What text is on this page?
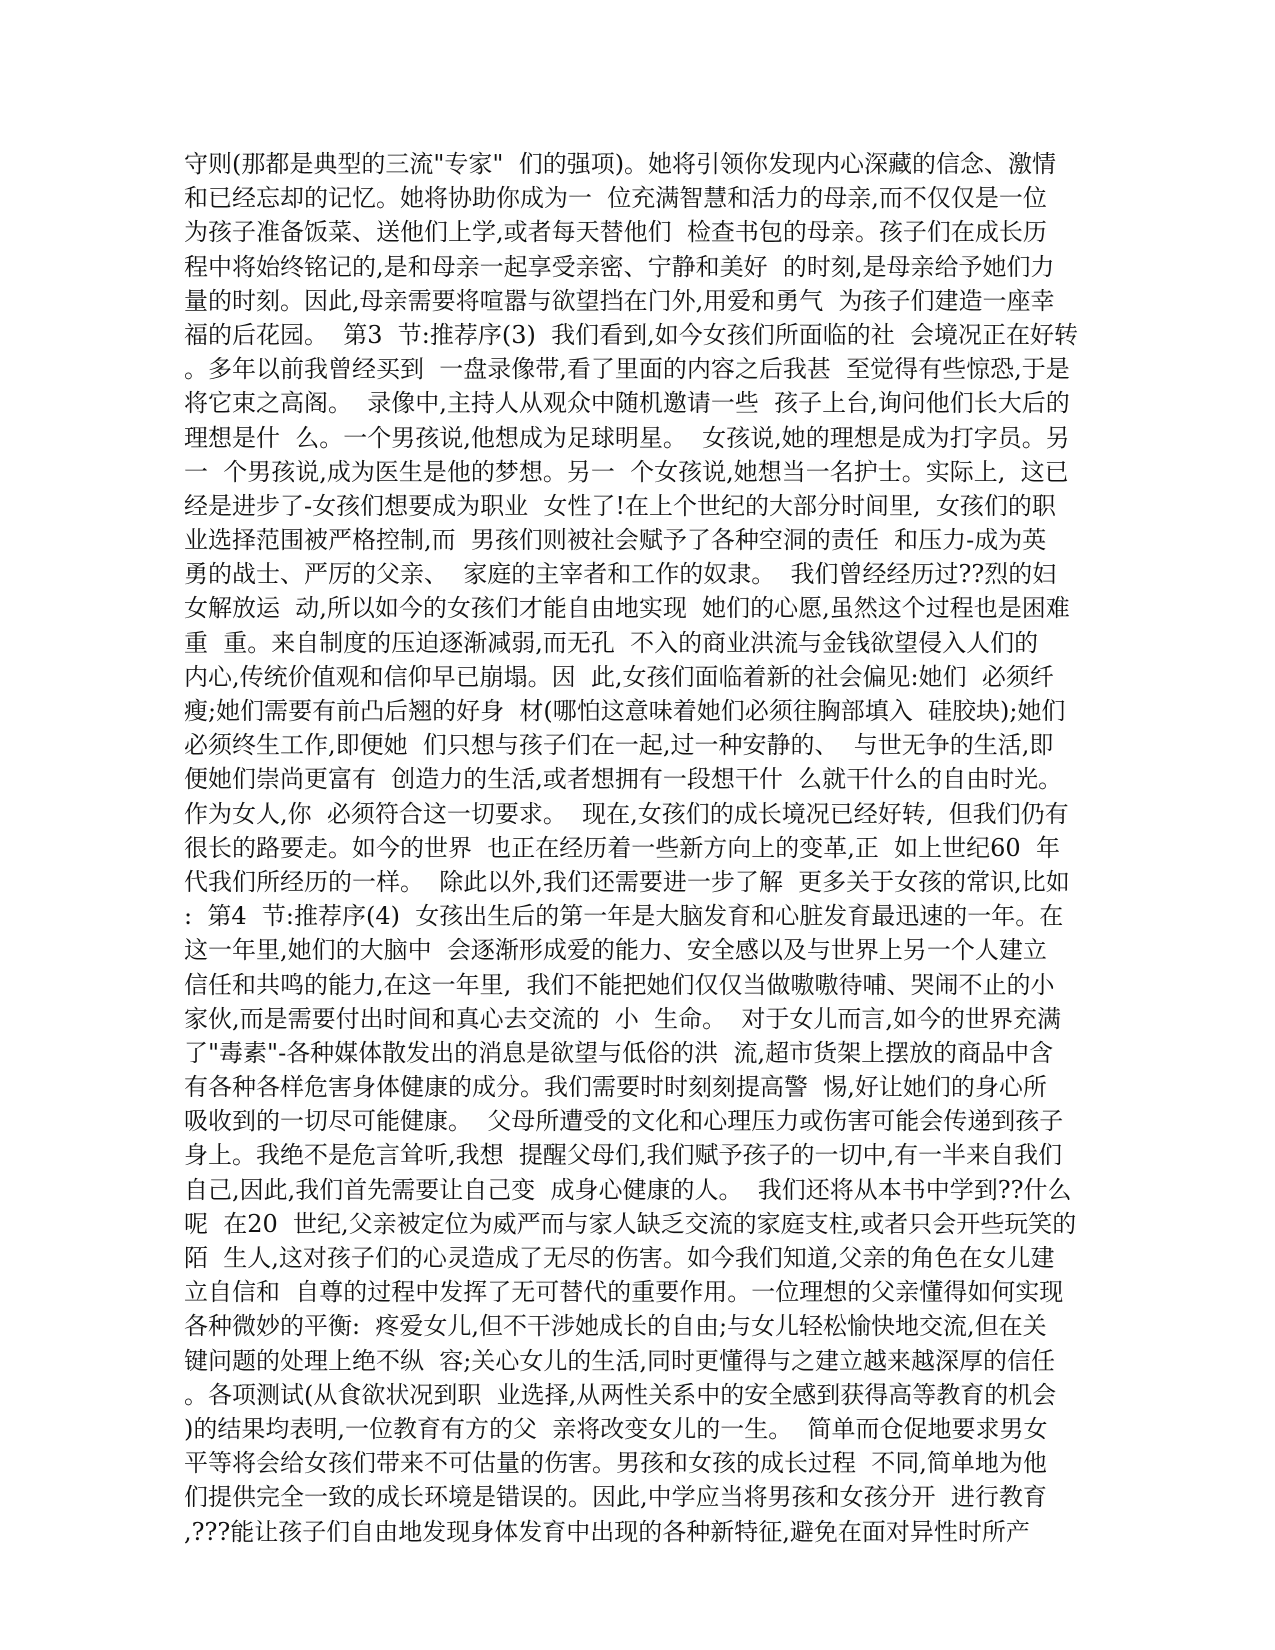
守则(那都是典型的三流"专家"  们的强项)。她将引领你发现内心深藏的信念、激情
和已经忘却的记忆。她将协助你成为一  位充满智慧和活力的母亲,而不仅仅是一位
为孩子准备饭菜、送他们上学,或者每天替他们  检查书包的母亲。孩子们在成长历
程中将始终铭记的,是和母亲一起享受亲密、宁静和美好  的时刻,是母亲给予她们力
量的时刻。因此,母亲需要将喧嚣与欲望挡在门外,用爱和勇气  为孩子们建造一座幸
福的后花园。  第3  节:推荐序(3)  我们看到,如今女孩们所面临的社  会境况正在好转
。多年以前我曾经买到  一盘录像带,看了里面的内容之后我甚  至觉得有些惊恐,于是
将它束之高阁。  录像中,主持人从观众中随机邀请一些  孩子上台,询问他们长大后的
理想是什  么。一个男孩说,他想成为足球明星。  女孩说,她的理想是成为打字员。另
一  个男孩说,成为医生是他的梦想。另一  个女孩说,她想当一名护士。实际上,  这已
经是进步了-女孩们想要成为职业  女性了!在上个世纪的大部分时间里,  女孩们的职
业选择范围被严格控制,而  男孩们则被社会赋予了各种空洞的责任  和压力-成为英
勇的战士、严厉的父亲、  家庭的主宰者和工作的奴隶。  我们曾经经历过??烈的妇
女解放运  动,所以如今的女孩们才能自由地实现  她们的心愿,虽然这个过程也是困难
重  重。来自制度的压迫逐渐减弱,而无孔  不入的商业洪流与金钱欲望侵入人们的
内心,传统价值观和信仰早已崩塌。因  此,女孩们面临着新的社会偏见:她们  必须纤
瘦;她们需要有前凸后翘的好身  材(哪怕这意味着她们必须往胸部填入  硅胶块);她们
必须终生工作,即便她  们只想与孩子们在一起,过一种安静的、  与世无争的生活,即
便她们崇尚更富有  创造力的生活,或者想拥有一段想干什  么就干什么的自由时光。
作为女人,你  必须符合这一切要求。  现在,女孩们的成长境况已经好转,  但我们仍有
很长的路要走。如今的世界  也正在经历着一些新方向上的变革,正  如上世纪60  年
代我们所经历的一样。  除此以外,我们还需要进一步了解  更多关于女孩的常识,比如
:  第4  节:推荐序(4)  女孩出生后的第一年是大脑发育和心脏发育最迅速的一年。在
这一年里,她们的大脑中  会逐渐形成爱的能力、安全感以及与世界上另一个人建立
信任和共鸣的能力,在这一年里,  我们不能把她们仅仅当做嗷嗷待哺、哭闹不止的小
家伙,而是需要付出时间和真心去交流的  小  生命。  对于女儿而言,如今的世界充满
了"毒素"-各种媒体散发出的消息是欲望与低俗的洪  流,超市货架上摆放的商品中含
有各种各样危害身体健康的成分。我们需要时时刻刻提高警  惕,好让她们的身心所
吸收到的一切尽可能健康。  父母所遭受的文化和心理压力或伤害可能会传递到孩子
身上。我绝不是危言耸听,我想  提醒父母们,我们赋予孩子的一切中,有一半来自我们
自己,因此,我们首先需要让自己变  成身心健康的人。  我们还将从本书中学到??什么
呢  在20  世纪,父亲被定位为威严而与家人缺乏交流的家庭支柱,或者只会开些玩笑的
陌  生人,这对孩子们的心灵造成了无尽的伤害。如今我们知道,父亲的角色在女儿建
立自信和  自尊的过程中发挥了无可替代的重要作用。一位理想的父亲懂得如何实现
各种微妙的平衡:  疼爱女儿,但不干涉她成长的自由;与女儿轻松愉快地交流,但在关
键问题的处理上绝不纵  容;关心女儿的生活,同时更懂得与之建立越来越深厚的信任
。各项测试(从食欲状况到职  业选择,从两性关系中的安全感到获得高等教育的机会
)的结果均表明,一位教育有方的父  亲将改变女儿的一生。  简单而仓促地要求男女
平等将会给女孩们带来不可估量的伤害。男孩和女孩的成长过程  不同,简单地为他
们提供完全一致的成长环境是错误的。因此,中学应当将男孩和女孩分开  进行教育
,???能让孩子们自由地发现身体发育中出现的各种新特征,避免在面对异性时所产
